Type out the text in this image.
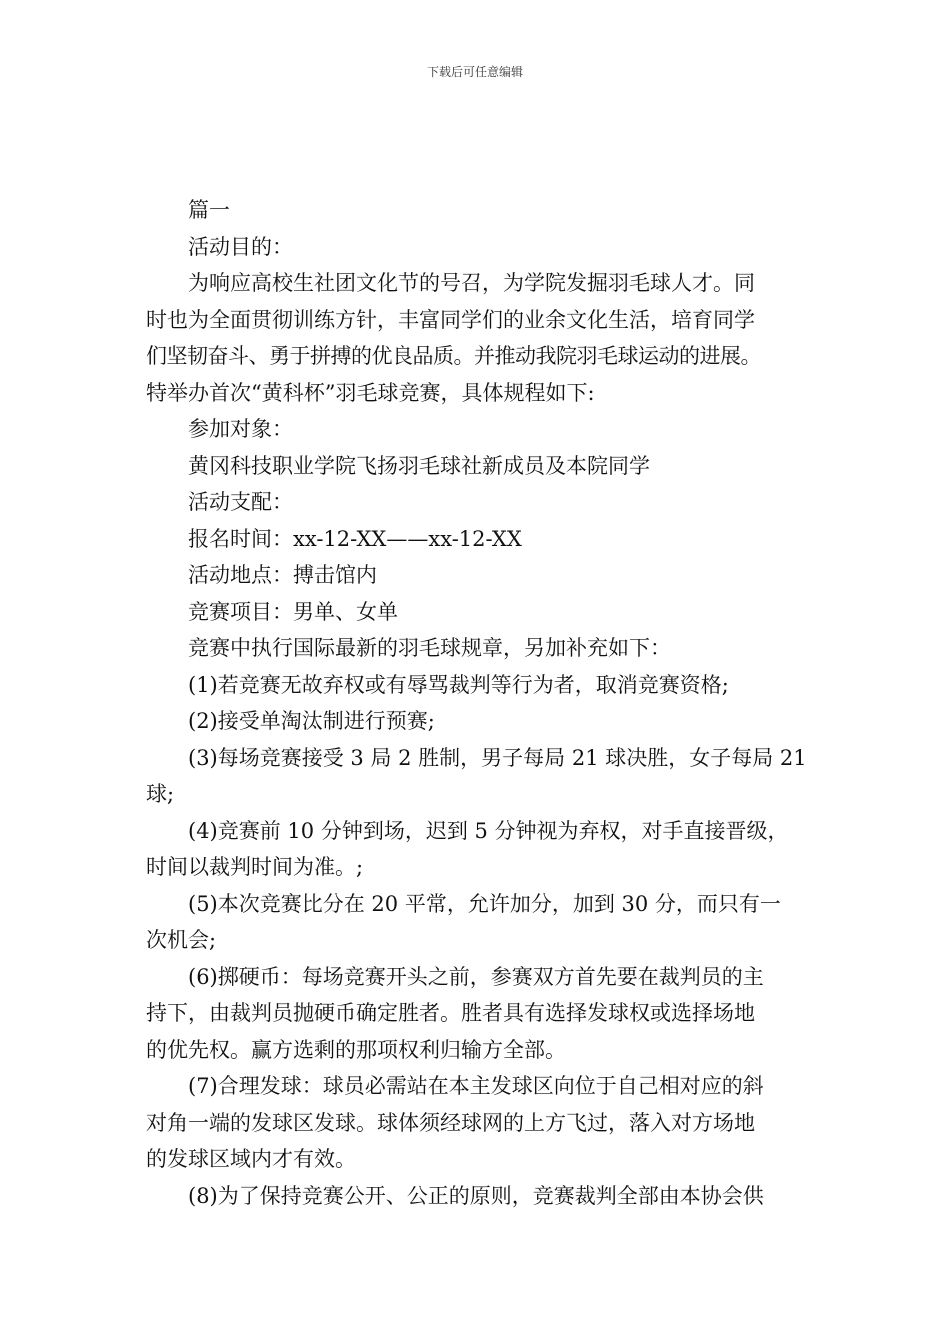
下载后可任意编辑

篇一

活动目的：

为响应高校生社团文化节的号召，为学院发掘羽毛球人才。同

时也为全面贯彻训练方针，丰富同学们的业余文化生活，培育同学

们坚韧奋斗、勇于拼搏的优良品质。并推动我院羽毛球运动的进展。

特举办首次“黄科杯”羽毛球竞赛，具体规程如下:

参加对象：

黄冈科技职业学院飞扬羽毛球社新成员及本院同学

活动支配：

报名时间：xx-12-XX——xx-12-XX

活动地点：搏击馆内

竞赛项目：男单、女单

竞赛中执行国际最新的羽毛球规章，另加补充如下：

(1)若竞赛无故弃权或有辱骂裁判等行为者，取消竞赛资格;

(2)接受单淘汰制进行预赛;

(3)每场竞赛接受 3 局 2 胜制，男子每局 21 球决胜，女子每局 21

球;

(4)竞赛前 10 分钟到场，迟到 5 分钟视为弃权，对手直接晋级，

时间以裁判时间为准。;

(5)本次竞赛比分在 20 平常，允许加分，加到 30 分，而只有一

次机会;

(6)掷硬币：每场竞赛开头之前，参赛双方首先要在裁判员的主

持下，由裁判员抛硬币确定胜者。胜者具有选择发球权或选择场地

的优先权。赢方选剩的那项权利归输方全部。

(7)合理发球：球员必需站在本主发球区向位于自己相对应的斜

对角一端的发球区发球。球体须经球网的上方飞过，落入对方场地

的发球区域内才有效。

(8)为了保持竞赛公开、公正的原则，竞赛裁判全部由本协会供
